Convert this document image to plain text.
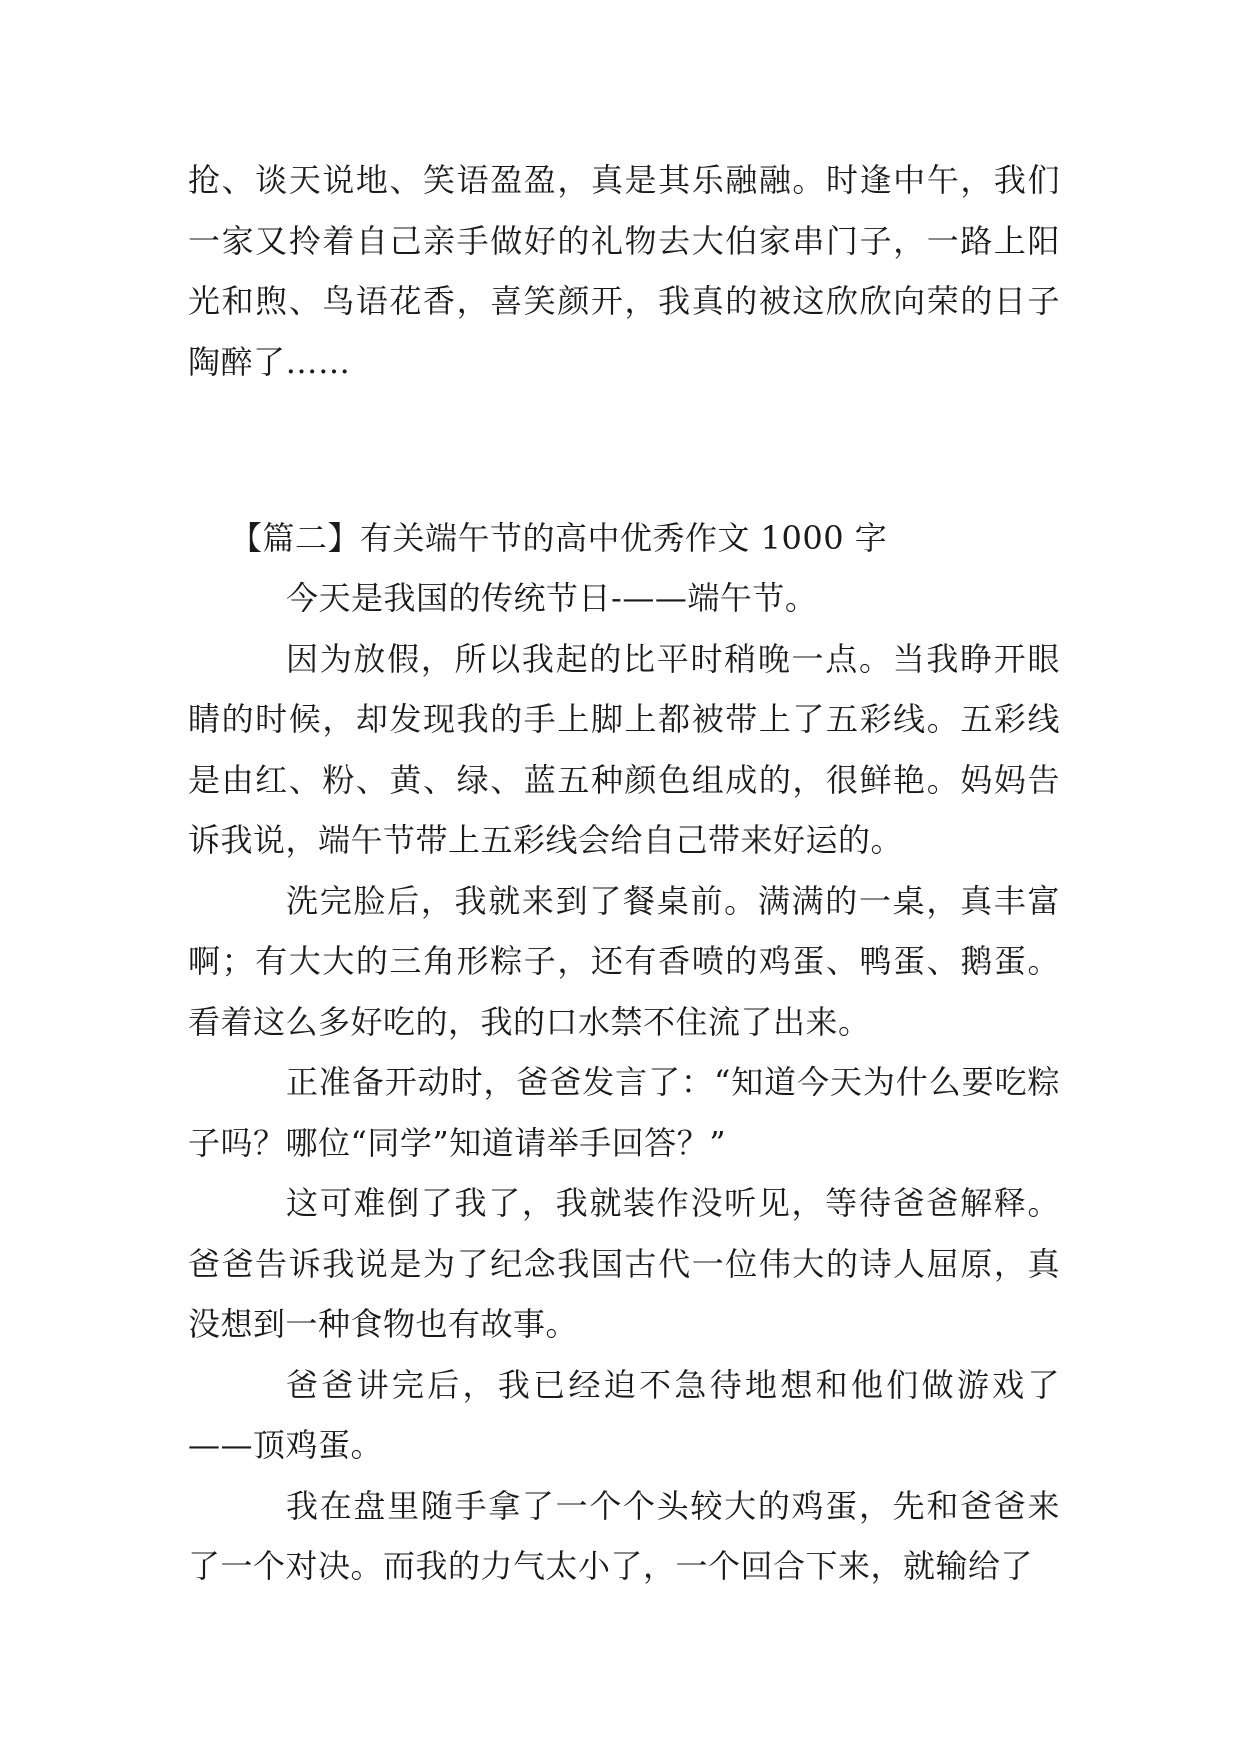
抢、谈天说地、笑语盈盈，真是其乐融融。时逢中午，我们一家又拎着自己亲手做好的礼物去大伯家串门子，一路上阳光和煦、鸟语花香，喜笑颜开，我真的被这欣欣向荣的日子陶醉了……

【篇二】有关端午节的高中优秀作文 1000 字

今天是我国的传统节日-——端午节。

因为放假，所以我起的比平时稍晚一点。当我睁开眼睛的时候，却发现我的手上脚上都被带上了五彩线。五彩线是由红、粉、黄、绿、蓝五种颜色组成的，很鲜艳。妈妈告诉我说，端午节带上五彩线会给自己带来好运的。

洗完脸后，我就来到了餐桌前。满满的一桌，真丰富啊；有大大的三角形粽子，还有香喷的鸡蛋、鸭蛋、鹅蛋。看着这么多好吃的，我的口水禁不住流了出来。

正准备开动时，爸爸发言了：“知道今天为什么要吃粽子吗？哪位“同学”知道请举手回答？”

这可难倒了我了，我就装作没听见，等待爸爸解释。爸爸告诉我说是为了纪念我国古代一位伟大的诗人屈原，真没想到一种食物也有故事。

爸爸讲完后，我已经迫不急待地想和他们做游戏了——顶鸡蛋。

我在盘里随手拿了一个个头较大的鸡蛋，先和爸爸来了一个对决。而我的力气太小了，一个回合下来，就输给了
